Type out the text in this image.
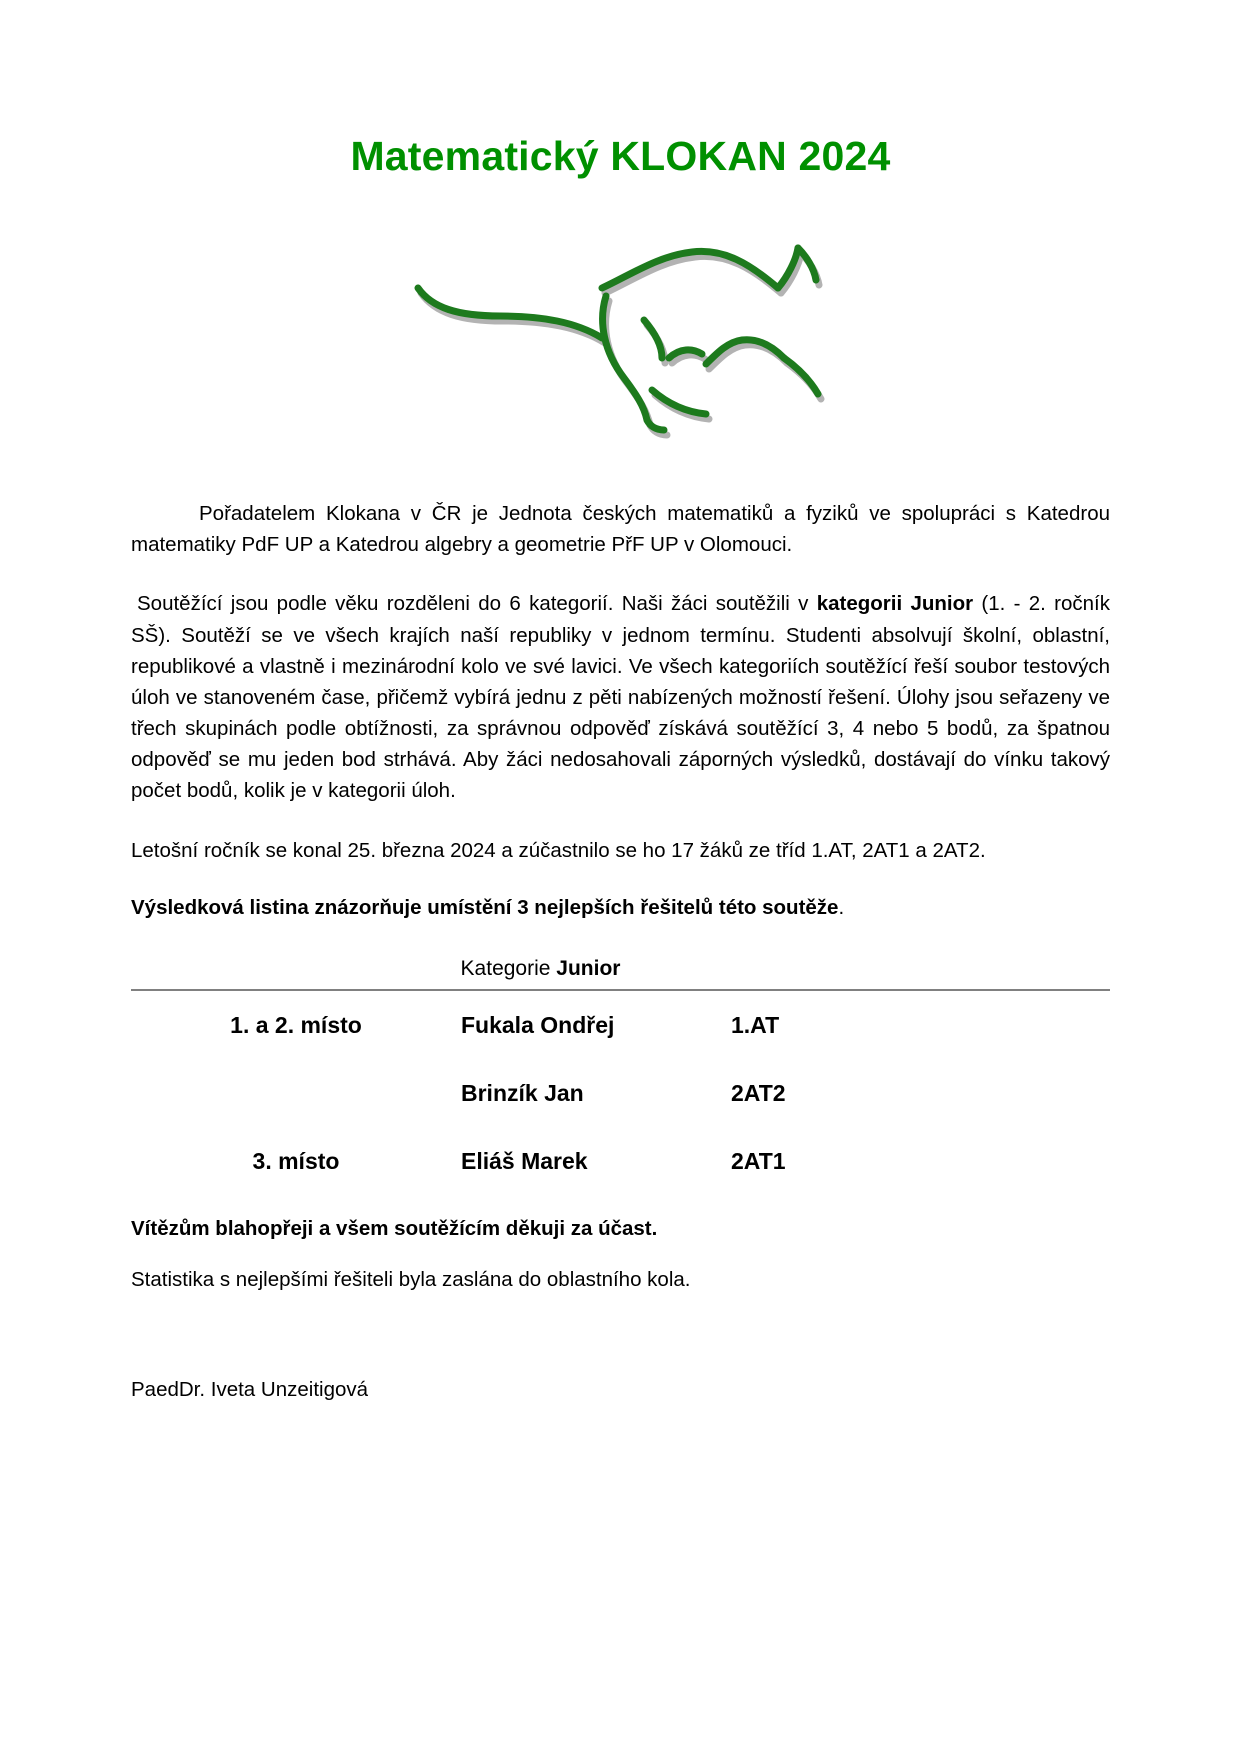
Matematický KLOKAN 2024

Pořadatelem Klokana v ČR je Jednota českých matematiků a fyziků ve spolupráci s Katedrou matematiky PdF UP a Katedrou algebry a geometrie PřF UP v Olomouci.

Soutěžící jsou podle věku rozděleni do 6 kategorií. Naši žáci soutěžili v kategorii Junior (1. - 2. ročník SŠ). Soutěží se ve všech krajích naší republiky v jednom termínu. Studenti absolvují školní, oblastní, republikové a vlastně i mezinárodní kolo ve své lavici. Ve všech kategoriích soutěžící řeší soubor testových úloh ve stanoveném čase, přičemž vybírá jednu z pěti nabízených možností řešení. Úlohy jsou seřazeny ve třech skupinách podle obtížnosti, za správnou odpověď získává soutěžící 3, 4 nebo 5 bodů, za špatnou odpověď se mu jeden bod strhává. Aby žáci nedosahovali záporných výsledků, dostávají do vínku takový počet bodů, kolik je v kategorii úloh.

Letošní ročník se konal 25. března 2024 a zúčastnilo se ho 17 žáků ze tříd 1.AT, 2AT1 a 2AT2.

Výsledková listina znázorňuje umístění 3 nejlepších řešitelů této soutěže.

Kategorie Junior
1. a 2. místo	Fukala Ondřej	1.AT
	Brinzík Jan	2AT2
3. místo	Eliáš Marek	2AT1

Vítězům blahopřeji a všem soutěžícím děkuji za účast.

Statistika s nejlepšími řešiteli byla zaslána do oblastního kola.

PaedDr. Iveta Unzeitigová
